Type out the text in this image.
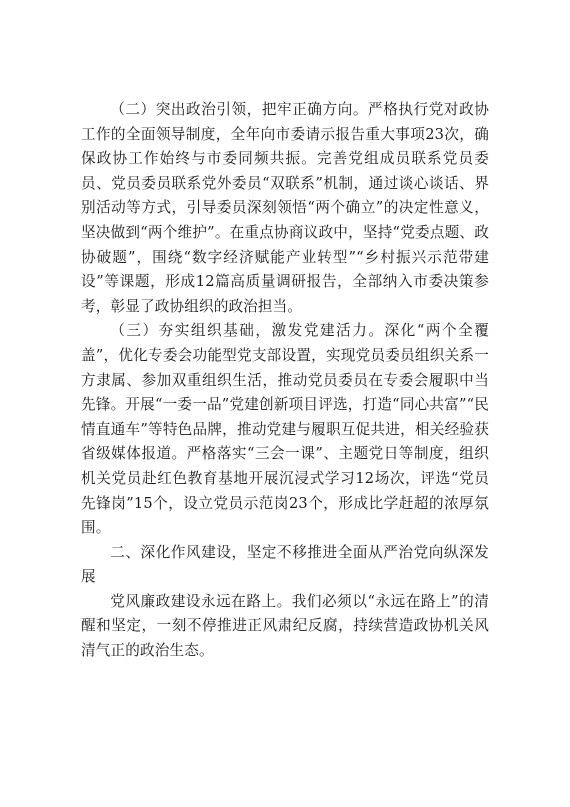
（二）突出政治引领，把牢正确方向。严格执行党对政协工作的全面领导制度，全年向市委请示报告重大事项23次，确保政协工作始终与市委同频共振。完善党组成员联系党员委员、党员委员联系党外委员“双联系”机制，通过谈心谈话、界别活动等方式，引导委员深刻领悟“两个确立”的决定性意义，坚决做到“两个维护”。在重点协商议政中，坚持“党委点题、政协破题”，围绕“数字经济赋能产业转型”“乡村振兴示范带建设”等课题，形成12篇高质量调研报告，全部纳入市委决策参考，彰显了政协组织的政治担当。

（三）夯实组织基础，激发党建活力。深化“两个全覆盖”，优化专委会功能型党支部设置，实现党员委员组织关系一方隶属、参加双重组织生活，推动党员委员在专委会履职中当先锋。开展“一委一品”党建创新项目评选，打造“同心共富”“民情直通车”等特色品牌，推动党建与履职互促共进，相关经验获省级媒体报道。严格落实“三会一课”、主题党日等制度，组织机关党员赴红色教育基地开展沉浸式学习12场次，评选“党员先锋岗”15个，设立党员示范岗23个，形成比学赶超的浓厚氛围。

二、深化作风建设，坚定不移推进全面从严治党向纵深发展

党风廉政建设永远在路上。我们必须以“永远在路上”的清醒和坚定，一刻不停推进正风肃纪反腐，持续营造政协机关风清气正的政治生态。
